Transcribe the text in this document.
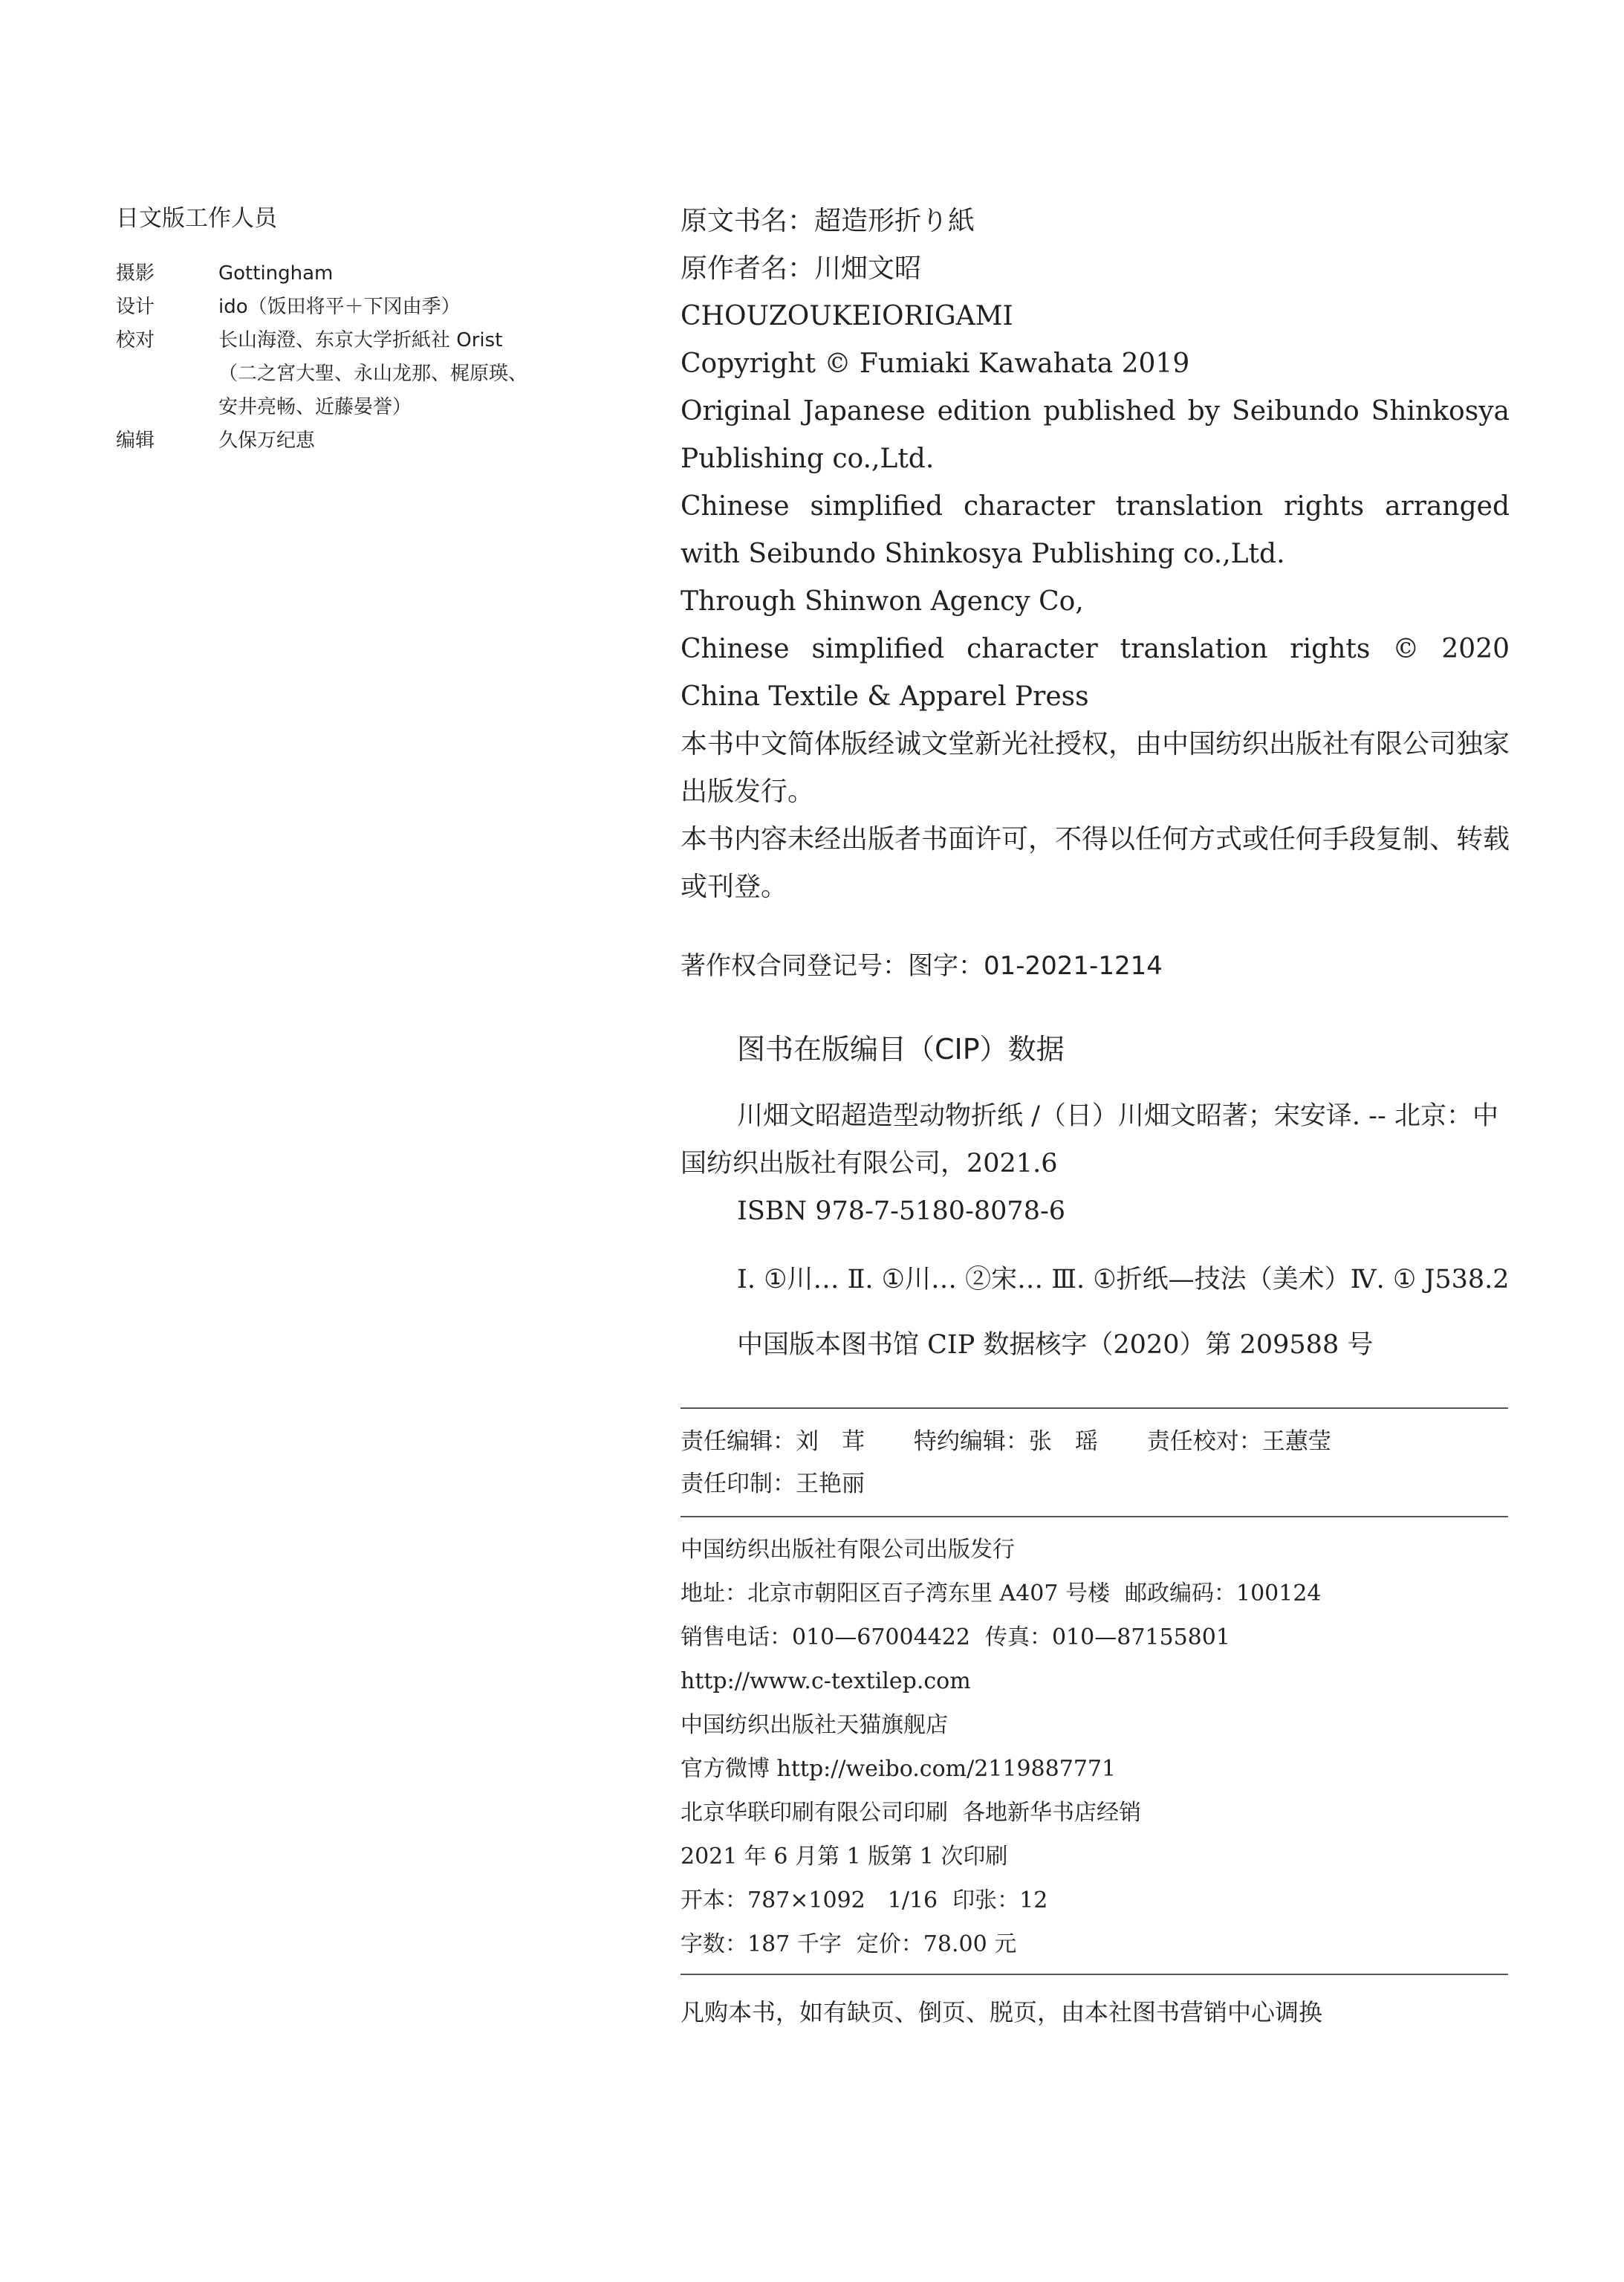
日文版工作人员
摄影	Gottingham
设计	ido（饭田将平＋下冈由季）
校对	长山海澄、东京大学折紙社 Orist
（二之宮大聖、永山龙那、梶原瑛、
安井亮畅、近藤晏誉）
编辑	久保万纪恵

原文书名：超造形折り紙

原作者名：川畑文昭

CHOUZOUKEIORIGAMI

Copyright © Fumiaki Kawahata 2019

Original Japanese edition published by Seibundo Shinkosya Publishing co.,Ltd.

Chinese simplified character translation rights arranged with Seibundo Shinkosya Publishing co.,Ltd.

Through Shinwon Agency Co,

Chinese simplified character translation rights © 2020 China Textile & Apparel Press

本书中文简体版经诚文堂新光社授权，由中国纺织出版社有限公司独家出版发行。

本书内容未经出版者书面许可，不得以任何方式或任何手段复制、转载或刊登。

著作权合同登记号：图字：01-2021-1214
图书在版编目（CIP）数据
川畑文昭超造型动物折纸 /（日）川畑文昭著；宋安译. -- 北京：中国纺织出版社有限公司，2021.6
ISBN 978-7-5180-8078-6
Ⅰ. ①川… Ⅱ. ①川… ②宋… Ⅲ. ①折纸—技法（美术）Ⅳ. ① J538.2
中国版本图书馆 CIP 数据核字（2020）第 209588 号
责任编辑：刘　茸 特约编辑：张　瑶 责任校对：王蕙莹
责任印制：王艳丽
中国纺织出版社有限公司出版发行
地址：北京市朝阳区百子湾东里 A407 号楼 邮政编码：100124
销售电话：010—67004422 传真：010—87155801
http://www.c-textilep.com
中国纺织出版社天猫旗舰店
官方微博 http://weibo.com/2119887771
北京华联印刷有限公司印刷 各地新华书店经销
2021 年 6 月第 1 版第 1 次印刷
开本：787×1092　1/16 印张：12
字数：187 千字 定价：78.00 元
凡购本书，如有缺页、倒页、脱页，由本社图书营销中心调换
